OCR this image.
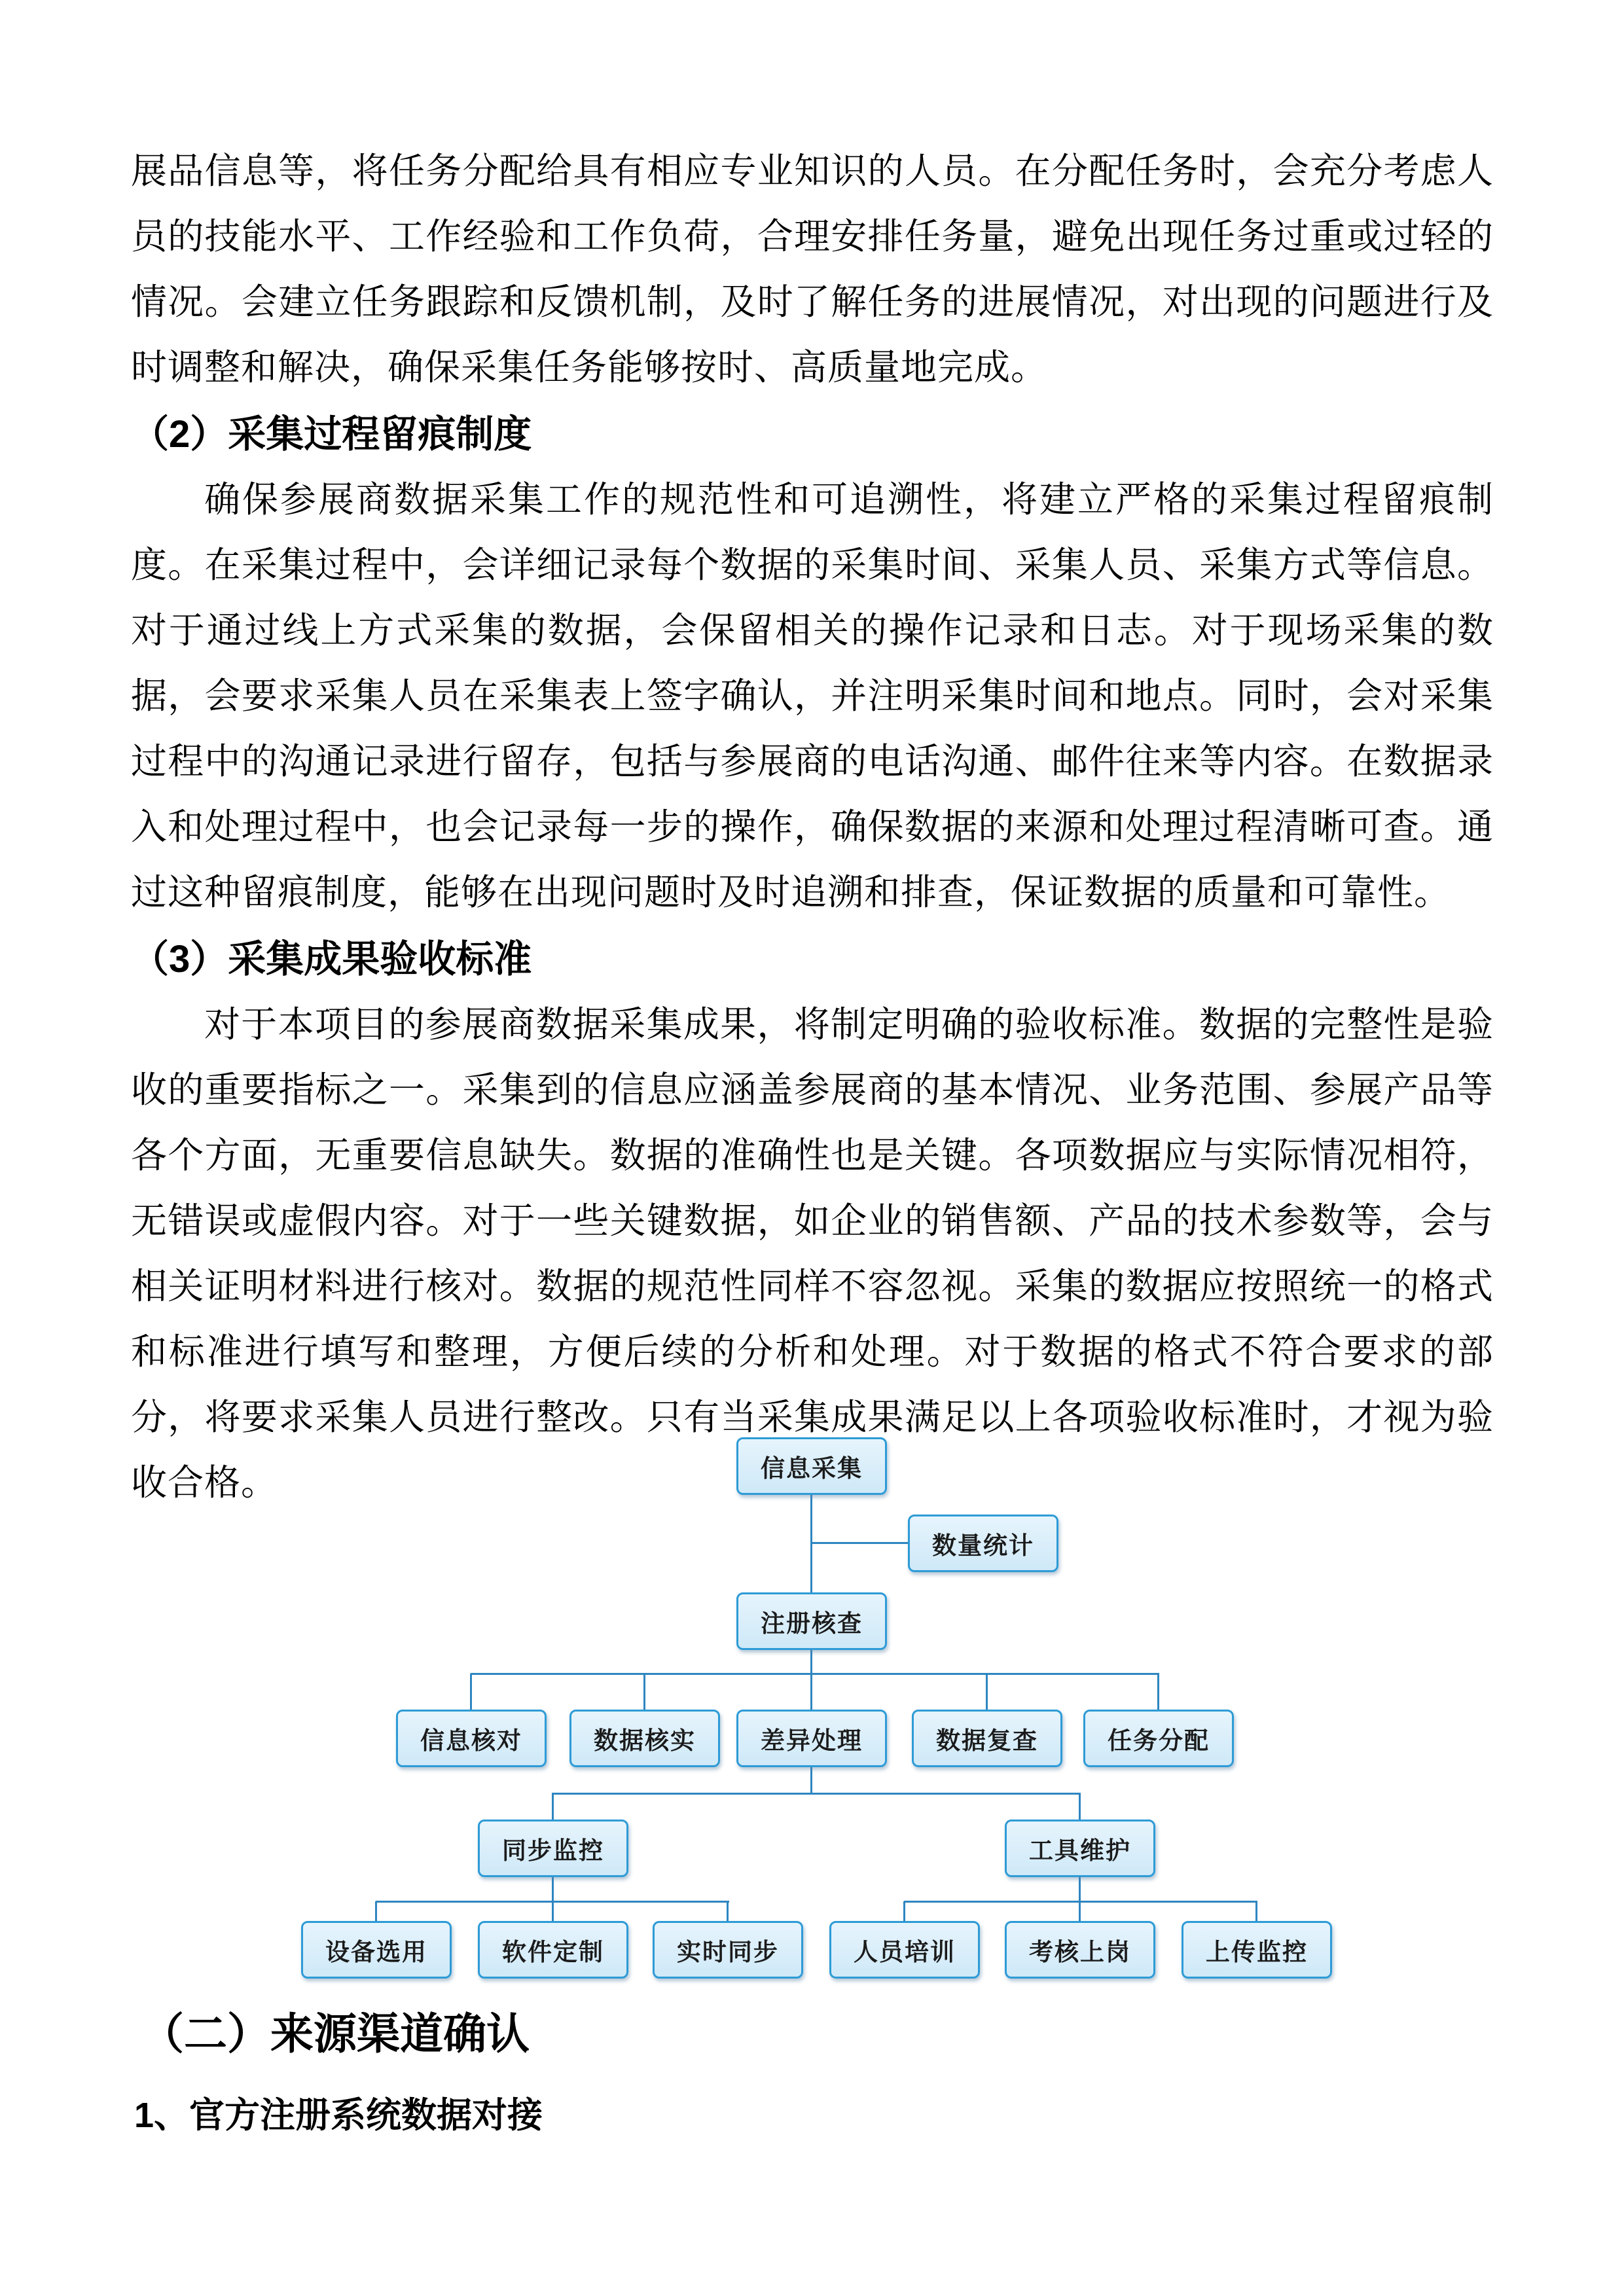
展品信息等，将任务分配给具有相应专业知识的人员。在分配任务时，会充分考虑人员的技能水平、工作经验和工作负荷，合理安排任务量，避免出现任务过重或过轻的情况。会建立任务跟踪和反馈机制，及时了解任务的进展情况，对出现的问题进行及时调整和解决，确保采集任务能够按时、高质量地完成。
（2）采集过程留痕制度
确保参展商数据采集工作的规范性和可追溯性，将建立严格的采集过程留痕制度。在采集过程中，会详细记录每个数据的采集时间、采集人员、采集方式等信息。对于通过线上方式采集的数据，会保留相关的操作记录和日志。对于现场采集的数据，会要求采集人员在采集表上签字确认，并注明采集时间和地点。同时，会对采集过程中的沟通记录进行留存，包括与参展商的电话沟通、邮件往来等内容。在数据录入和处理过程中，也会记录每一步的操作，确保数据的来源和处理过程清晰可查。通过这种留痕制度，能够在出现问题时及时追溯和排查，保证数据的质量和可靠性。
（3）采集成果验收标准
对于本项目的参展商数据采集成果，将制定明确的验收标准。数据的完整性是验收的重要指标之一。采集到的信息应涵盖参展商的基本情况、业务范围、参展产品等各个方面，无重要信息缺失。数据的准确性也是关键。各项数据应与实际情况相符，无错误或虚假内容。对于一些关键数据，如企业的销售额、产品的技术参数等，会与相关证明材料进行核对。数据的规范性同样不容忽视。采集的数据应按照统一的格式和标准进行填写和整理，方便后续的分析和处理。对于数据的格式不符合要求的部分，将要求采集人员进行整改。只有当采集成果满足以上各项验收标准时，才视为验收合格。	信息采集
数量统计
注册核查
信息核对	数据核实	差异处理	数据复查	任务分配
同步监控	工具维护
设备选用	软件定制	实时同步	人员培训	考核上岗	上传监控
（二）来源渠道确认
1、官方注册系统数据对接
